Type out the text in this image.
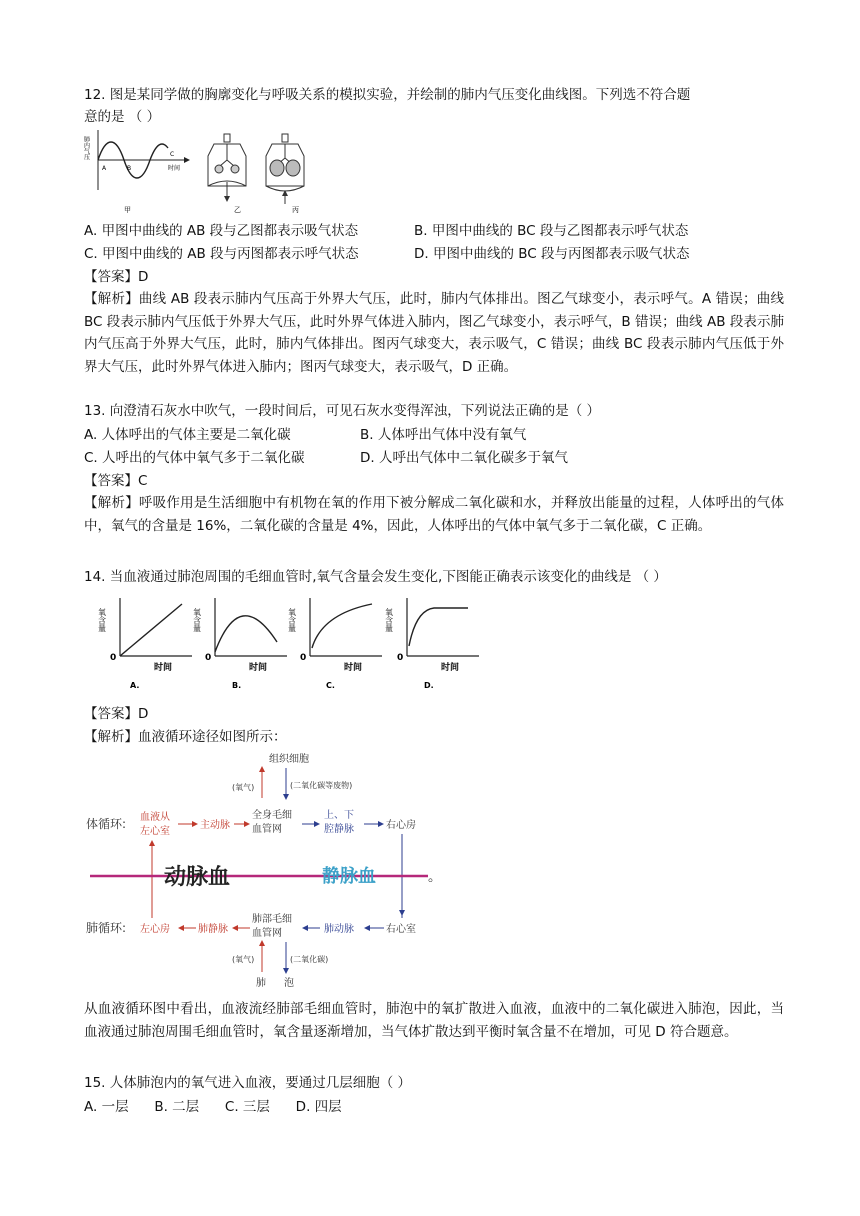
12. 图是某同学做的胸廓变化与呼吸关系的模拟实验，并绘制的肺内气压变化曲线图。下列选不符合题
意的是 （ ）
肺内气压
时间
A	B
C
甲	乙	丙
A. 甲图中曲线的 AB 段与乙图都表示吸气状态	B. 甲图中曲线的 BC 段与乙图都表示呼气状态
C. 甲图中曲线的 AB 段与丙图都表示呼气状态	D. 甲图中曲线的 BC 段与丙图都表示吸气状态
【答案】D
【解析】曲线 AB 段表示肺内气压高于外界大气压，此时，肺内气体排出。图乙气球变小，表示呼气。A 错误；曲线 BC 段表示肺内气压低于外界大气压，此时外界气体进入肺内，图乙气球变小，表示呼气，B 错误；曲线 AB 段表示肺内气压高于外界大气压，此时，肺内气体排出。图丙气球变大，表示吸气，C 错误；曲线 BC 段表示肺内气压低于外界大气压，此时外界气体进入肺内；图丙气球变大，表示吸气，D 正确。
13. 向澄清石灰水中吹气，一段时间后，可见石灰水变得浑浊，下列说法正确的是（ ）
A. 人体呼出的气体主要是二氧化碳	B. 人体呼出气体中没有氧气
C. 人呼出的气体中氧气多于二氧化碳	D. 人呼出气体中二氧化碳多于氧气
【答案】C
【解析】呼吸作用是生活细胞中有机物在氧的作用下被分解成二氧化碳和水，并释放出能量的过程，人体呼出的气体中，氧气的含量是 16%，二氧化碳的含量是 4%，因此，人体呼出的气体中氧气多于二氧化碳，C 正确。
14. 当血液通过肺泡周围的毛细血管时,氧气含量会发生变化,下图能正确表示该变化的曲线是 （ ）
氧含量
0
时间
A.
氧含量
0
时间
B.
氧含量
0
时间
C.
氧含量
0
时间
D.
【答案】D
【解析】血液循环途径如图所示：
组织细胞
(氧气)	(二氧化碳等废物)
体循环: 血液从
左心室
主动脉
全身毛细
血管网
上、下
腔静脉	右心房
动脉血	静脉血
肺循环: 左心房	肺静脉
肺部毛细
血管网	肺动脉	右心室
(氧气)	(二氧化碳)
肺 泡
。
从血液循环图中看出，血液流经肺部毛细血管时，肺泡中的氧扩散进入血液，血液中的二氧化碳进入肺泡，因此，当血液通过肺泡周围毛细血管时，氧含量逐渐增加，当气体扩散达到平衡时氧含量不在增加，可见 D 符合题意。
15. 人体肺泡内的氧气进入血液，要通过几层细胞（ ）
A. 一层      B. 二层      C. 三层      D. 四层
